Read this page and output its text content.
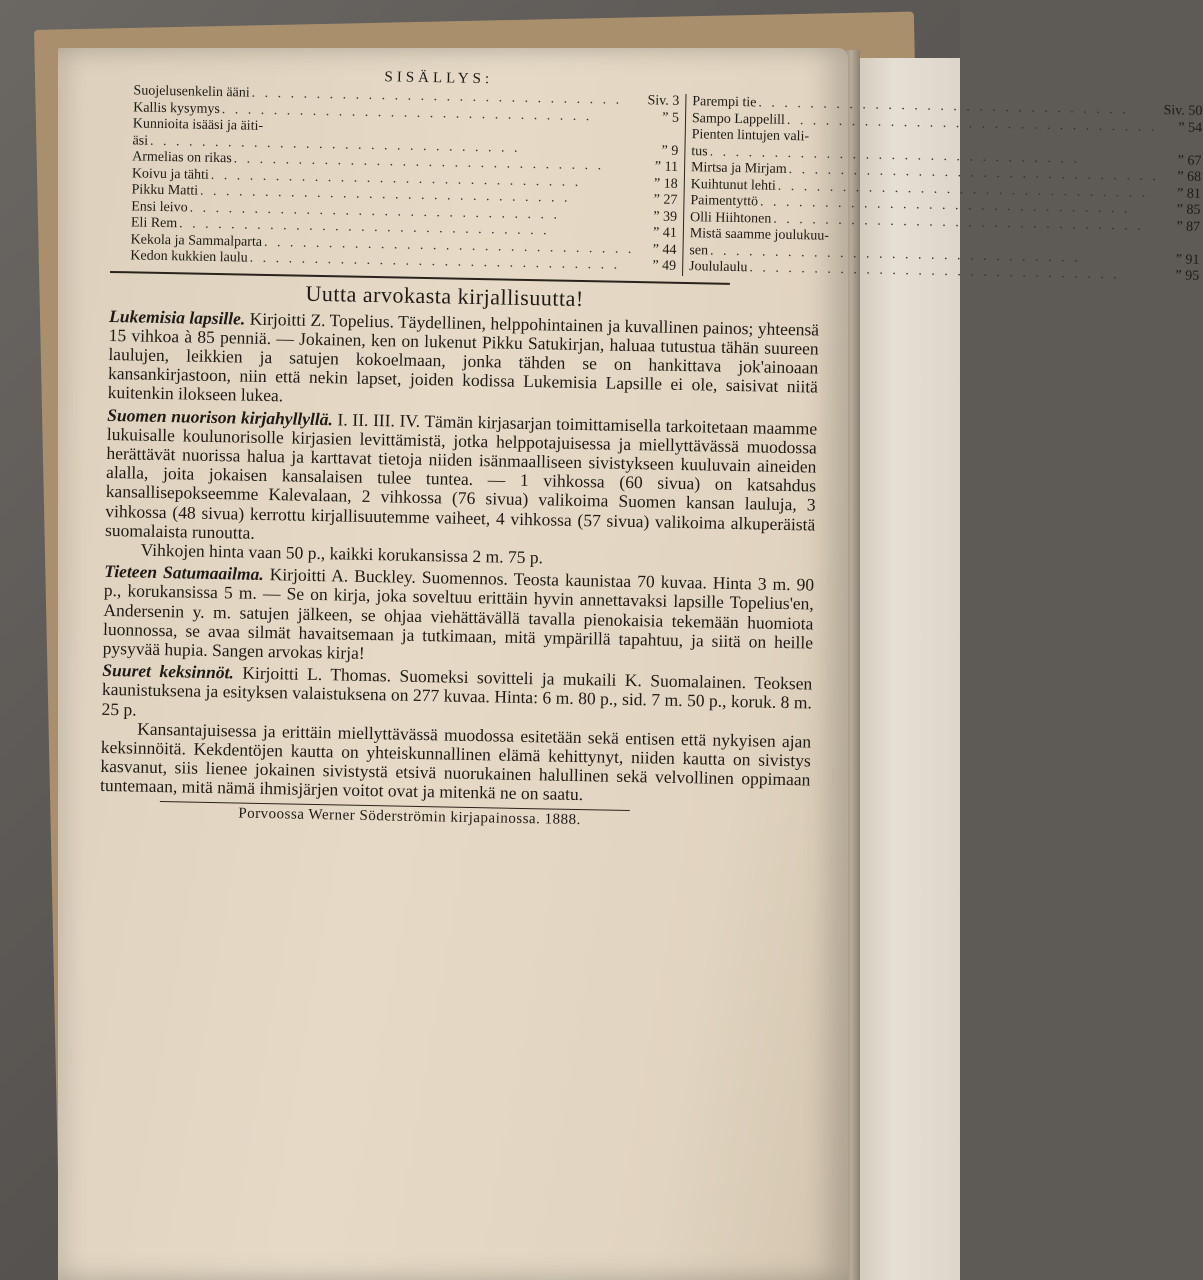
SISÄLLYS:
Suojelusenkelin ääni
. . .
Siv. 3
Kallis kysymys
. . .
” 5
Kunnioita isääsi ja äiti-
äsi
. . .
” 9
Armelias on rikas
. . .
” 11
Koivu ja tähti
. . .
” 18
Pikku Matti
. . .
” 27
Ensi leivo
. . .
” 39
Eli Rem
. . .
” 41
Kekola ja Sammalparta
. . .
” 44
Kedon kukkien laulu
. . .
” 49
Parempi tie
. . .
Siv. 50
Sampo Lappelill
. . .
” 54
Pienten lintujen vali-
tus
. . .
” 67
Mirtsa ja Mirjam
. . .
” 68
Kuihtunut lehti
. . .
” 81
Paimentyttö
. . .
” 85
Olli Hiihtonen
. . .
” 87
Mistä saamme joulukuu-
sen
. . .
” 91
Joululaulu
. . .
” 95
Uutta arvokasta kirjallisuutta!

Lukemisia lapsille. Kirjoitti Z. Topelius. Täydellinen, helppohintainen ja kuvallinen painos; yhteensä 15 vihkoa à 85 penniä. — Jokainen, ken on lukenut Pikku Satukirjan, haluaa tutustua tähän suureen laulujen, leikkien ja satujen kokoelmaan, jonka tähden se on hankittava jok'ainoaan kansankirjastoon, niin että nekin lapset, joiden kodissa Lukemisia Lapsille ei ole, saisivat niitä kuitenkin ilokseen lukea.

Suomen nuorison kirjahyllyllä. I. II. III. IV. Tämän kirjasarjan toimittamisella tarkoitetaan maamme lukuisalle koulunorisolle kirjasien levittämistä, jotka helppotajuisessa ja miellyttävässä muodossa herättävät nuorissa halua ja karttavat tietoja niiden isänmaalliseen sivistykseen kuuluvain aineiden alalla, joita jokaisen kansalaisen tulee tuntea. — 1 vihkossa (60 sivua) on katsahdus kansallisepokseemme Kalevalaan, 2 vihkossa (76 sivua) valikoima Suomen kansan lauluja, 3 vihkossa (48 sivua) kerrottu kirjallisuutemme vaiheet, 4 vihkossa (57 sivua) valikoima alkuperäistä suomalaista runoutta.

Vihkojen hinta vaan 50 p., kaikki korukansissa 2 m. 75 p.

Tieteen Satumaailma. Kirjoitti A. Buckley. Suomennos. Teosta kaunistaa 70 kuvaa. Hinta 3 m. 90 p., korukansissa 5 m. — Se on kirja, joka soveltuu erittäin hyvin annettavaksi lapsille Topelius'en, Andersenin y. m. satujen jälkeen, se ohjaa viehättävällä tavalla pienokaisia tekemään huomiota luonnossa, se avaa silmät havaitsemaan ja tutkimaan, mitä ympärillä tapahtuu, ja siitä on heille pysyvää hupia. Sangen arvokas kirja!

Suuret keksinnöt. Kirjoitti L. Thomas. Suomeksi sovitteli ja mukaili K. Suomalainen. Teoksen kaunistuksena ja esityksen valaistuksena on 277 kuvaa. Hinta: 6 m. 80 p., sid. 7 m. 50 p., koruk. 8 m. 25 p.

Kansantajuisessa ja erittäin miellyttävässä muodossa esitetään sekä entisen että nykyisen ajan keksinnöitä. Kekdentöjen kautta on yhteiskunnallinen elämä kehittynyt, niiden kautta on sivistys kasvanut, siis lienee jokainen sivistystä etsivä nuorukainen halullinen sekä velvollinen oppimaan tuntemaan, mitä nämä ihmisjärjen voitot ovat ja mitenkä ne on saatu.

Porvoossa Werner Söderströmin kirjapainossa. 1888.
